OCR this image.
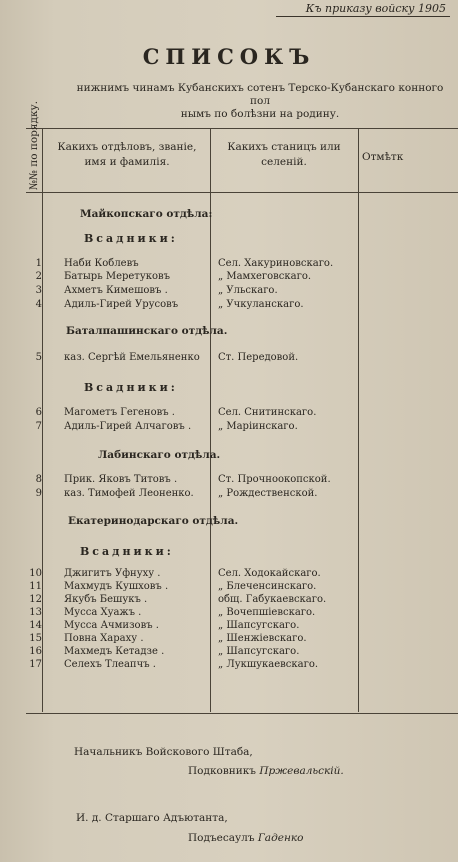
Къ приказу войску 1905
СПИСОКЪ
нижнимъ чинамъ Кубанскихъ сотенъ Терско-Кубанскаго конного пол
нымъ по болѣзни на родину.
№№ по порядку.	Какихъ отдѣловъ, званіе,
имя и фамилія.
Какихъ станицъ или
селеній.	Отмѣтк
Майкопскаго отдѣла:
Всадники:
Баталпашинскаго отдѣла.
Всадники:
Лабинскаго отдѣла.
Екатеринодарскаго отдѣла.
Всадники:
1 Наби Коблевъ	Сел. Хакуриновскаго.
2 Батырь Меретуковъ	„ Мамхеговскаго.
3 Ахметъ Кимешовъ .	„ Ульскаго.
4 Адиль-Гирей Урусовъ	„ Учкуланскаго.
5 каз. Сергѣй Емельяненко Ст. Передовой.
6 Магометъ Гегеновъ .	Сел. Снитинскаго.
7 Адиль-Гирей Алчаговъ .	„ Маріинскаго.
8 Прик. Яковъ Титовъ .	Ст. Прочноокопской.
9 каз. Тимофей Леоненко. „ Рождественской.
10 Джигитъ Уфнуху .	Сел. Ходокайскаго.
11 Махмудъ Кушховъ .	„ Блеченсинскаго.
12 Якубъ Бешукъ .	общ. Габукаевскаго.
13 Мусса Хуажъ .	„ Вочепшіевскаго.
14 Мусса Ачмизовъ .	„ Шапсугскаго.
15 Повна Хараху .	„ Шенжіевскаго.
16 Махмедъ Кетадзе .	„ Шапсугскаго.
17 Селехъ Тлеапчъ .	„ Лукшукаевскаго.
Начальникъ Войскового Штаба,
Подковникъ Пржевальскій.
И. д. Старшаго Адъютанта,
Подъесаулъ Гаденко
